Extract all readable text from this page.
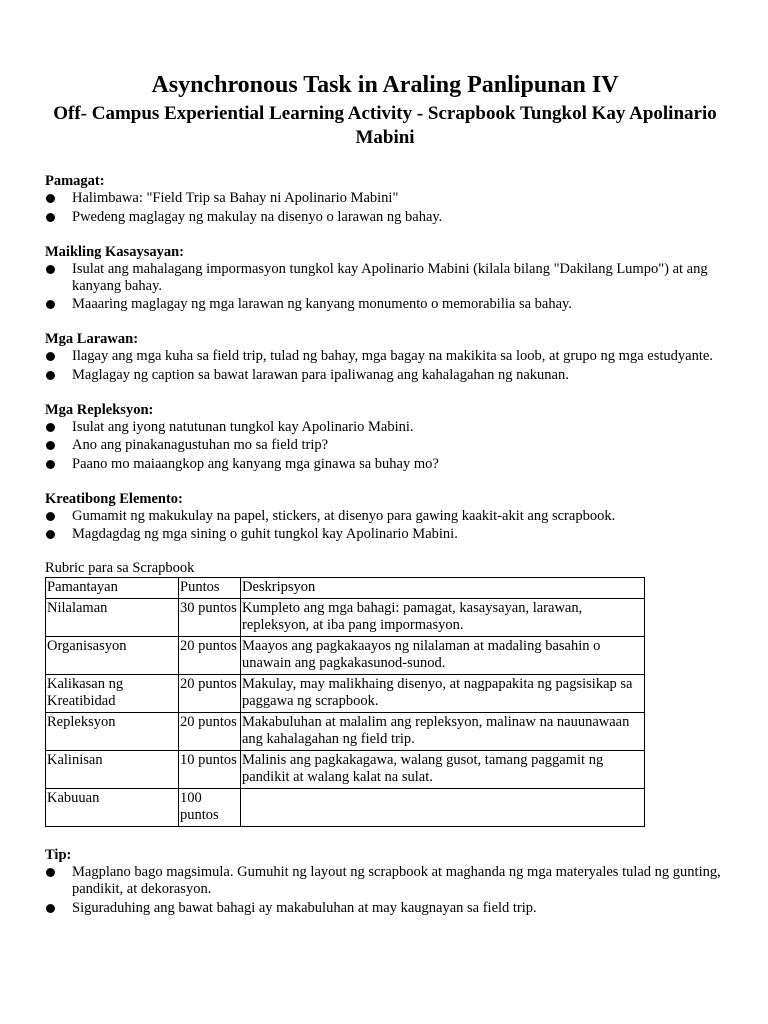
Asynchronous Task in Araling Panlipunan IV
Off- Campus Experiential Learning Activity - Scrapbook Tungkol Kay Apolinario Mabini

Pamagat:

Halimbawa: "Field Trip sa Bahay ni Apolinario Mabini"
Pwedeng maglagay ng makulay na disenyo o larawan ng bahay.

Maikling Kasaysayan:

Isulat ang mahalagang impormasyon tungkol kay Apolinario Mabini (kilala bilang "Dakilang Lumpo") at ang kanyang bahay.
Maaaring maglagay ng mga larawan ng kanyang monumento o memorabilia sa bahay.

Mga Larawan:

Ilagay ang mga kuha sa field trip, tulad ng bahay, mga bagay na makikita sa loob, at grupo ng mga estudyante.
Maglagay ng caption sa bawat larawan para ipaliwanag ang kahalagahan ng nakunan.

Mga Repleksyon:

Isulat ang iyong natutunan tungkol kay Apolinario Mabini.
Ano ang pinakanagustuhan mo sa field trip?
Paano mo maiaangkop ang kanyang mga ginawa sa buhay mo?

Kreatibong Elemento:

Gumamit ng makukulay na papel, stickers, at disenyo para gawing kaakit-akit ang scrapbook.
Magdagdag ng mga sining o guhit tungkol kay Apolinario Mabini.

Rubric para sa Scrapbook

Pamantayan	Puntos	Deskripsyon
Nilalaman	30 puntos	Kumpleto ang mga bahagi: pamagat, kasaysayan, larawan, repleksyon, at iba pang impormasyon.
Organisasyon	20 puntos	Maayos ang pagkakaayos ng nilalaman at madaling basahin o unawain ang pagkakasunod-sunod.
Kalikasan ng Kreatibidad	20 puntos	Makulay, may malikhaing disenyo, at nagpapakita ng pagsisikap sa paggawa ng scrapbook.
Repleksyon	20 puntos	Makabuluhan at malalim ang repleksyon, malinaw na nauunawaan ang kahalagahan ng field trip.
Kalinisan	10 puntos	Malinis ang pagkakagawa, walang gusot, tamang paggamit ng pandikit at walang kalat na sulat.
Kabuuan	100 puntos	

Tip:

Magplano bago magsimula. Gumuhit ng layout ng scrapbook at maghanda ng mga materyales tulad ng gunting, pandikit, at dekorasyon.
Siguraduhing ang bawat bahagi ay makabuluhan at may kaugnayan sa field trip.
